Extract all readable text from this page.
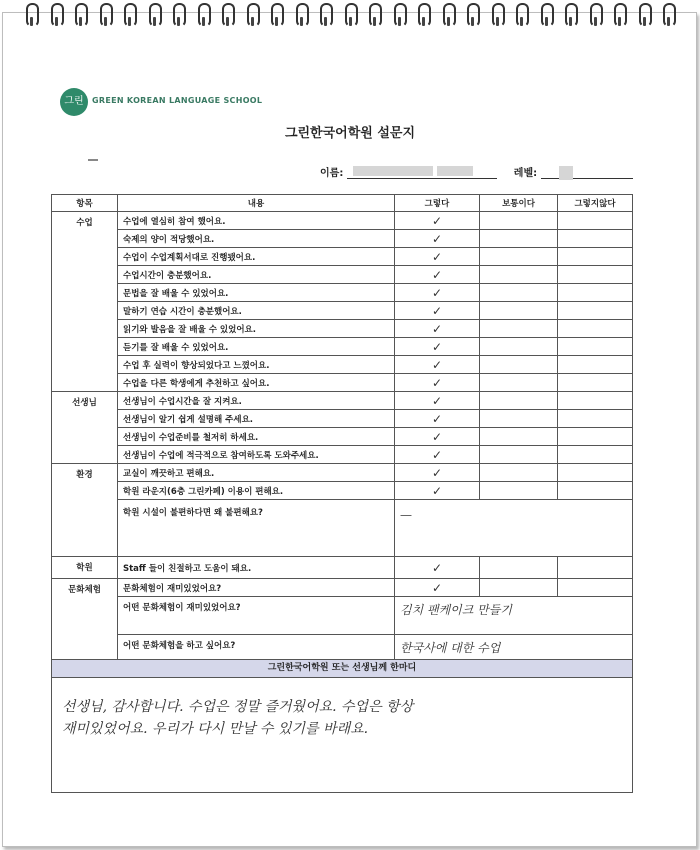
그린	GREEN KOREAN LANGUAGE SCHOOL
그린한국어학원 설문지
이름:	레벨:
항목	내용	그렇다	보통이다	그렇지않다
수업	수업에 열심히 참여 했어요.	✓		
	숙제의 양이 적당했어요.	✓		
	수업이 수업계획서대로 진행됐어요.	✓		
	수업시간이 충분했어요.	✓		
	문법을 잘 배울 수 있었어요.	✓		
	말하기 연습 시간이 충분했어요.	✓		
	읽기와 발음을 잘 배울 수 있었어요.	✓		
	듣기를 잘 배울 수 있었어요.	✓		
	수업 후 실력이 향상되었다고 느꼈어요.	✓		
	수업을 다른 학생에게 추천하고 싶어요.	✓		
선생님	선생님이 수업시간을 잘 지켜요.	✓		
	선생님이 알기 쉽게 설명해 주세요.	✓		
	선생님이 수업준비를 철저히 하세요.	✓		
	선생님이 수업에 적극적으로 참여하도록 도와주세요.	✓		
환경	교실이 깨끗하고 편해요.	✓		
	학원 라운지(6층 그린카페) 이용이 편해요.	✓		
	학원 시설이 불편하다면 왜 불편해요?	—		
학원	Staff 들이 친절하고 도움이 돼요.	✓		
문화체험	문화체험이 재미있었어요?	✓		
	어떤 문화체험이 재미있었어요?	김치 팬케이크 만들기		
	어떤 문화체험을 하고 싶어요?	한국사에 대한 수업		
그린한국어학원 또는 선생님께 한마디
선생님, 감사합니다. 수업은 정말 즐거웠어요. 수업은 항상
재미있었어요. 우리가 다시 만날 수 있기를 바래요.
